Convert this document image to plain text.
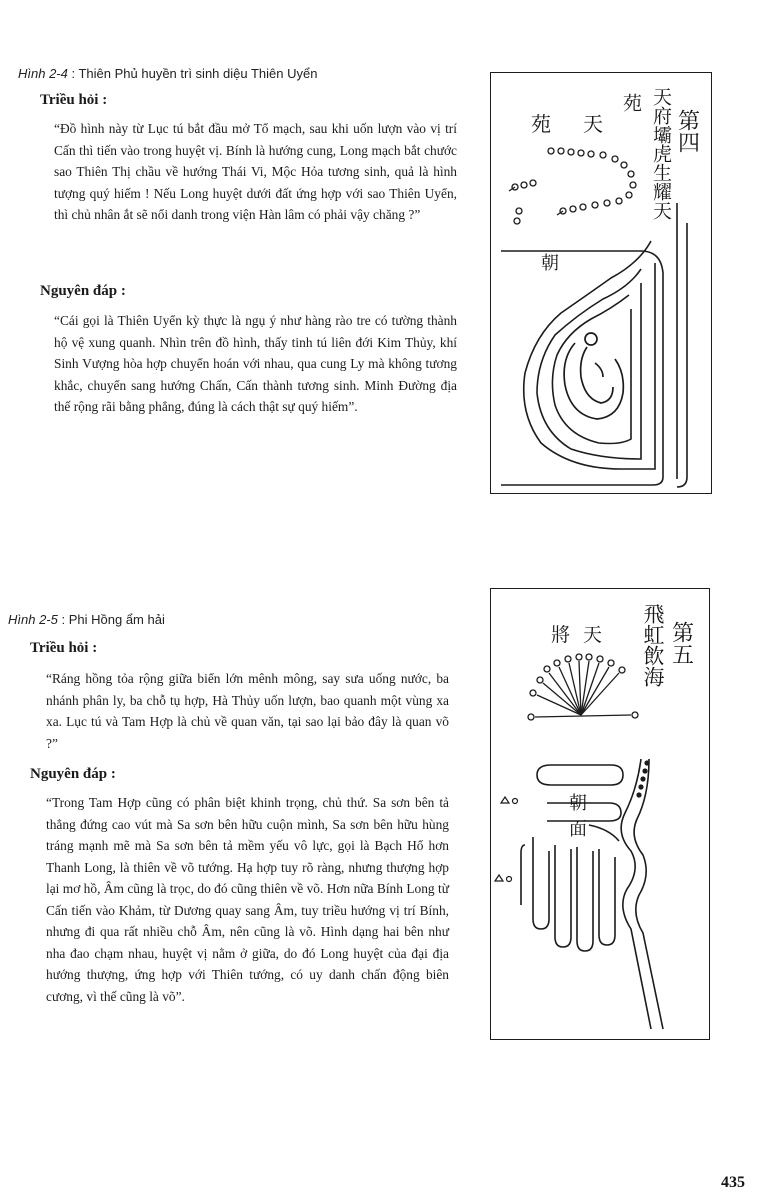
Hình 2-4 : Thiên Phủ huyền trì sinh diệu Thiên Uyển
Triều hỏi :
“Đồ hình này từ Lục tú bắt đầu mở Tổ mạch, sau khi uốn lượn vào vị trí Cấn thì tiến vào trong huyệt vị. Bính là hướng cung, Long mạch bắt chước sao Thiên Thị chầu về hướng Thái Vi, Mộc Hỏa tương sinh, quả là hình tượng quý hiếm ! Nếu Long huyệt dưới đất ứng hợp với sao Thiên Uyển, thì chủ nhân ắt sẽ nổi danh trong viện Hàn lâm có phải vậy chăng ?”
Nguyên đáp :
“Cái gọi là Thiên Uyển kỳ thực là ngụ ý như hàng rào tre có tường thành hộ vệ xung quanh. Nhìn trên đồ hình, thấy tinh tú liên đới Kim Thủy, khí Sinh Vượng hòa hợp chuyển hoán với nhau, qua cung Ly mà không tương khắc, chuyển sang hướng Chấn, Cấn thành tương sinh. Minh Đường địa thế rộng rãi bằng phẳng, đúng là cách thật sự quý hiếm”.
第四
天府壩虎生耀天
苑
天
苑
朝
Hình 2-5 : Phi Hồng ẩm hải
Triều hỏi :
“Ráng hồng tỏa rộng giữa biển lớn mênh mông, say sưa uống nước, ba nhánh phân ly, ba chỗ tụ hợp, Hà Thủy uốn lượn, bao quanh một vùng xa xa. Lục tú và Tam Hợp là chủ về quan văn, tại sao lại bảo đây là quan võ ?”
Nguyên đáp :
“Trong Tam Hợp cũng có phân biệt khinh trọng, chủ thứ. Sa sơn bên tả thẳng đứng cao vút mà Sa sơn bên hữu cuộn mình, Sa sơn bên hữu hùng tráng mạnh mẽ mà Sa sơn bên tả mềm yếu vô lực, gọi là Bạch Hổ hơn Thanh Long, là thiên về võ tướng. Hạ hợp tuy rõ ràng, nhưng thượng hợp lại mơ hồ, Âm cũng là trọc, do đó cũng thiên về võ. Hơn nữa Bính Long từ Cấn tiến vào Khảm, từ Dương quay sang Âm, tuy triều hướng vị trí Bính, nhưng đi qua rất nhiều chỗ Âm, nên cũng là võ. Hình dạng hai bên như nha đao chạm nhau, huyệt vị nằm ở giữa, do đó Long huyệt của đại địa hướng thượng, ứng hợp với Thiên tướng, có uy danh chấn động biên cương, vì thế cũng là võ”.
第五
飛虹飲海
將 天
朝
面
435
